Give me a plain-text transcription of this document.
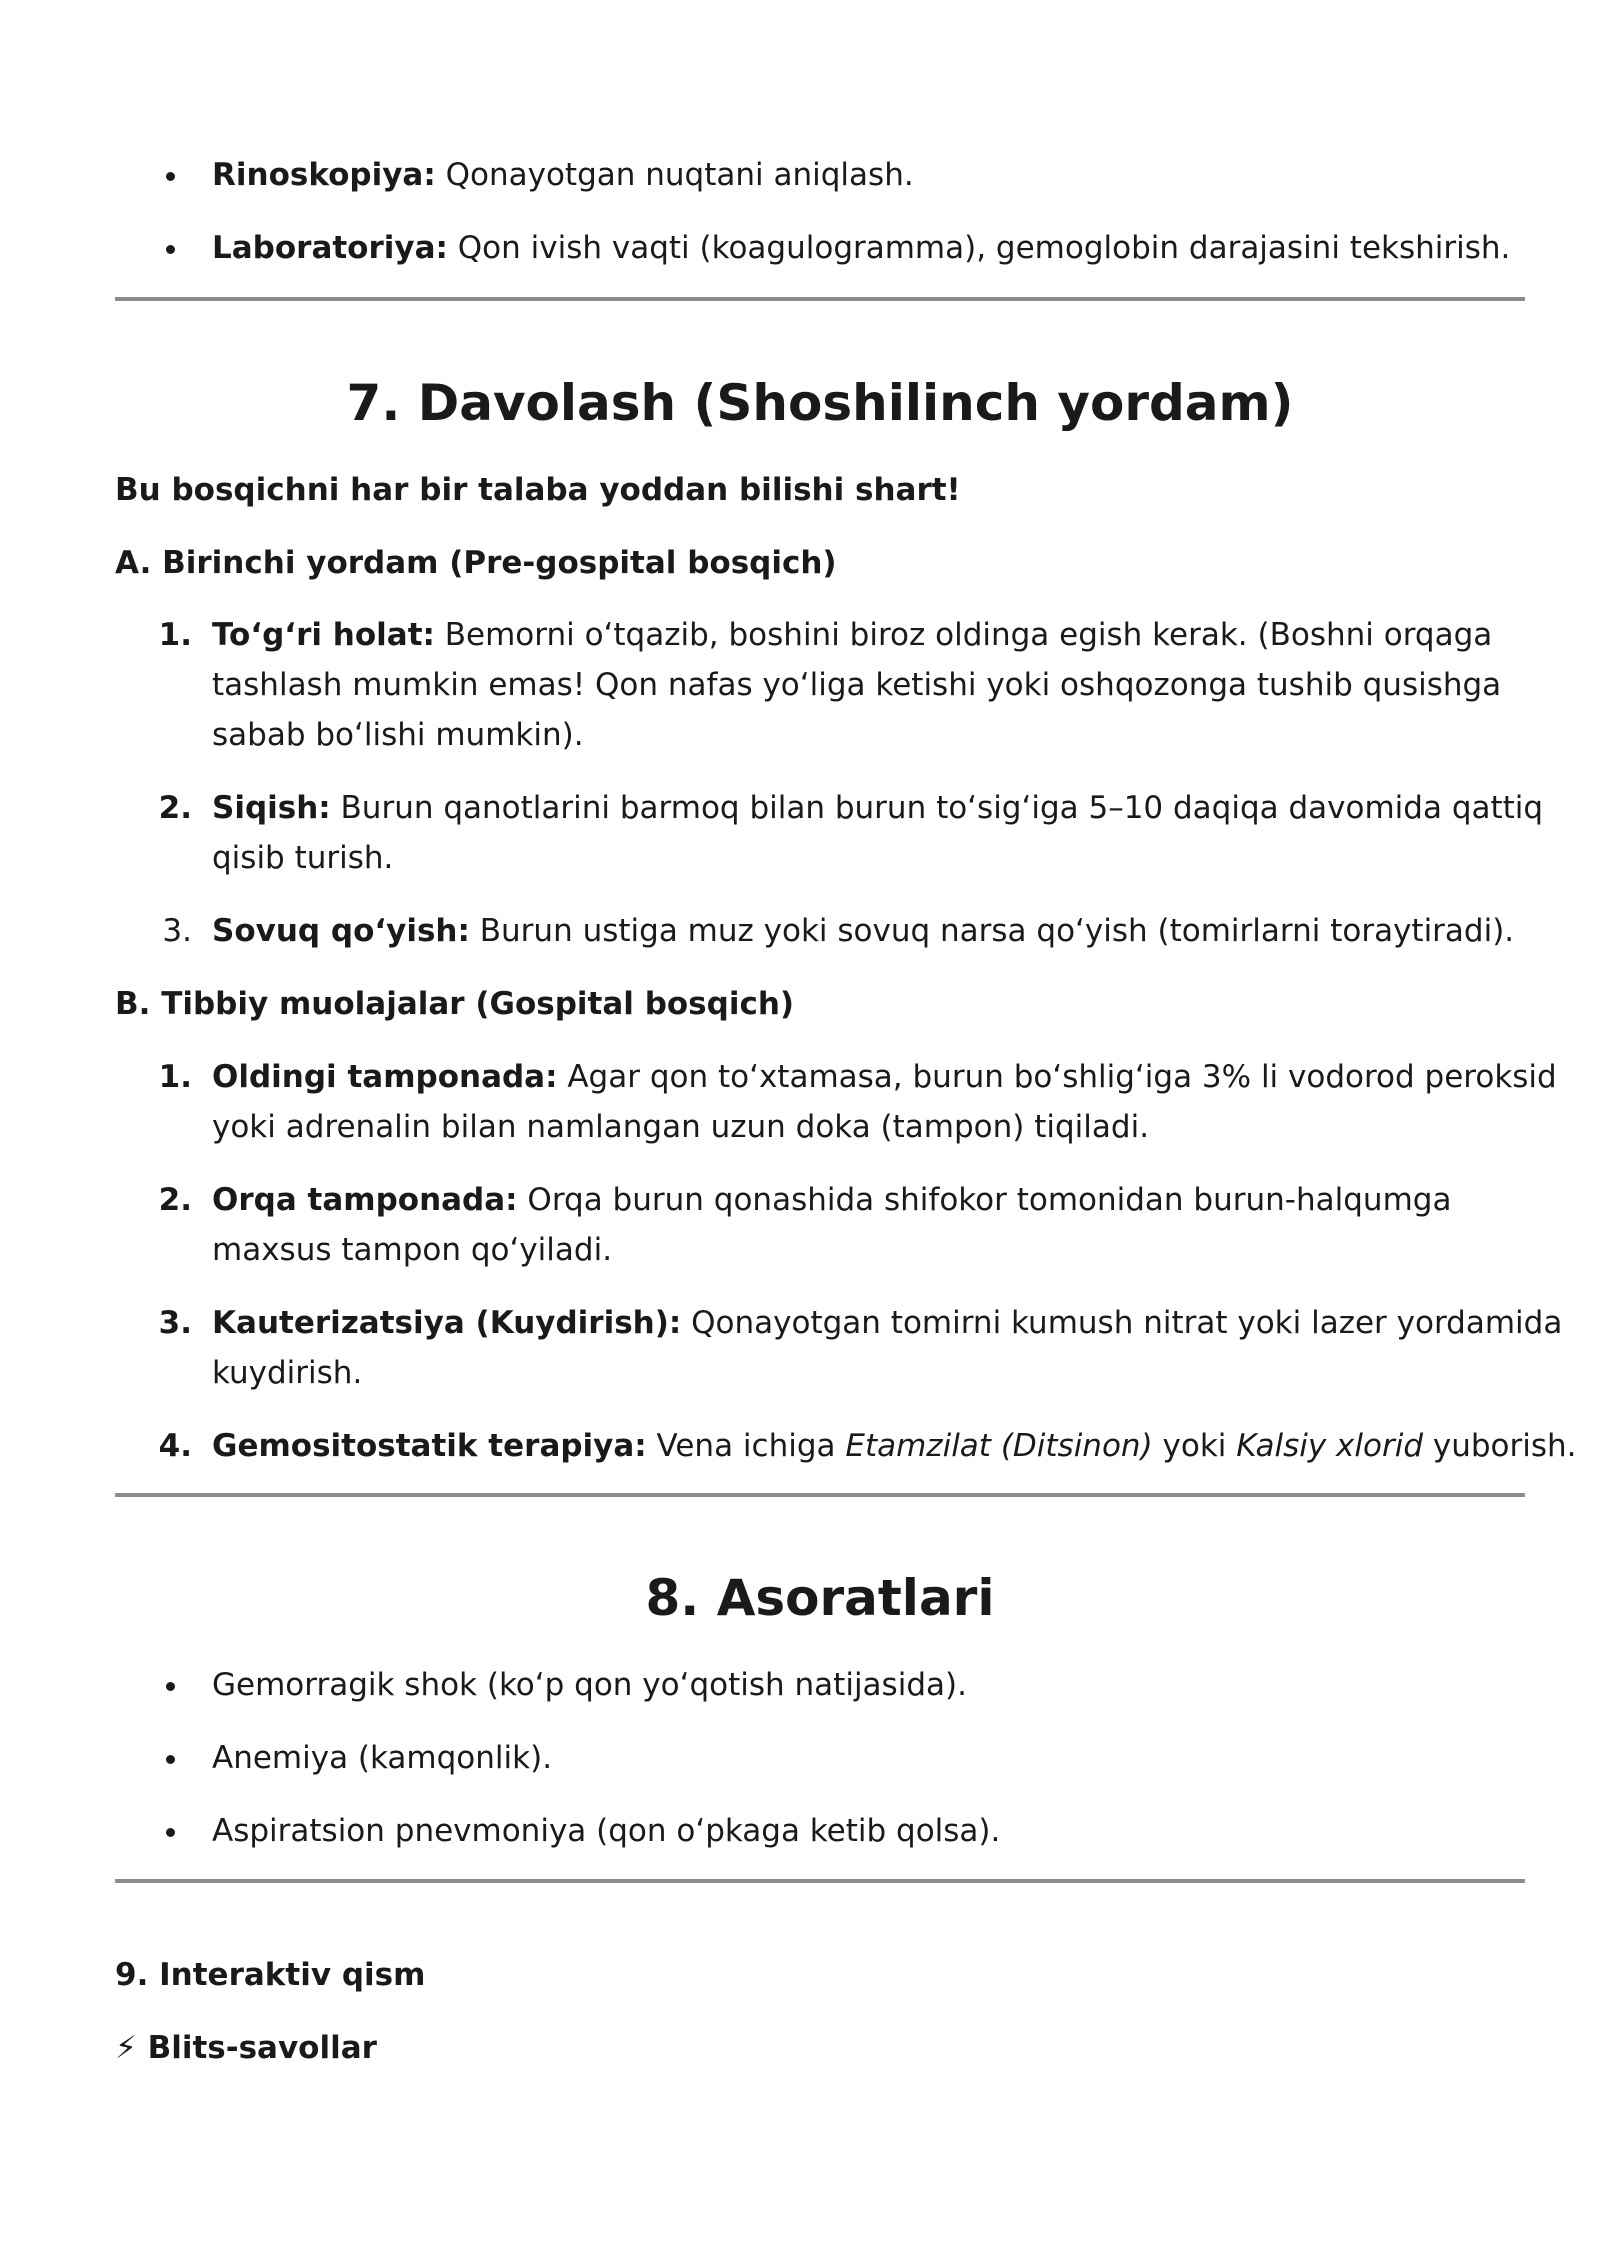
Rinoskopiya: Qonayotgan nuqtani aniqlash.
Laboratoriya: Qon ivish vaqti (koagulogramma), gemoglobin darajasini tekshirish.
7. Davolash (Shoshilinch yordam)
Bu bosqichni har bir talaba yoddan bilishi shart!
A. Birinchi yordam (Pre-gospital bosqich)
1. To‘g‘ri holat: Bemorni o‘tqazib, boshini biroz oldinga egish kerak. (Boshni orqaga
tashlash mumkin emas! Qon nafas yo‘liga ketishi yoki oshqozonga tushib qusishga
sabab bo‘lishi mumkin).
2. Siqish: Burun qanotlarini barmoq bilan burun to‘sig‘iga 5–10 daqiqa davomida qattiq
qisib turish.
3. Sovuq qo‘yish: Burun ustiga muz yoki sovuq narsa qo‘yish (tomirlarni toraytiradi).
B. Tibbiy muolajalar (Gospital bosqich)
1. Oldingi tamponada: Agar qon to‘xtamasa, burun bo‘shlig‘iga 3% li vodorod peroksid
yoki adrenalin bilan namlangan uzun doka (tampon) tiqiladi.
2. Orqa tamponada: Orqa burun qonashida shifokor tomonidan burun-halqumga
maxsus tampon qo‘yiladi.
3. Kauterizatsiya (Kuydirish): Qonayotgan tomirni kumush nitrat yoki lazer yordamida
kuydirish.
4. Gemositostatik terapiya: Vena ichiga Etamzilat (Ditsinon) yoki Kalsiy xlorid yuborish.
8. Asoratlari
Gemorragik shok (ko‘p qon yo‘qotish natijasida).
Anemiya (kamqonlik).
Aspiratsion pnevmoniya (qon o‘pkaga ketib qolsa).
9. Interaktiv qism
⚡ Blits-savollar
